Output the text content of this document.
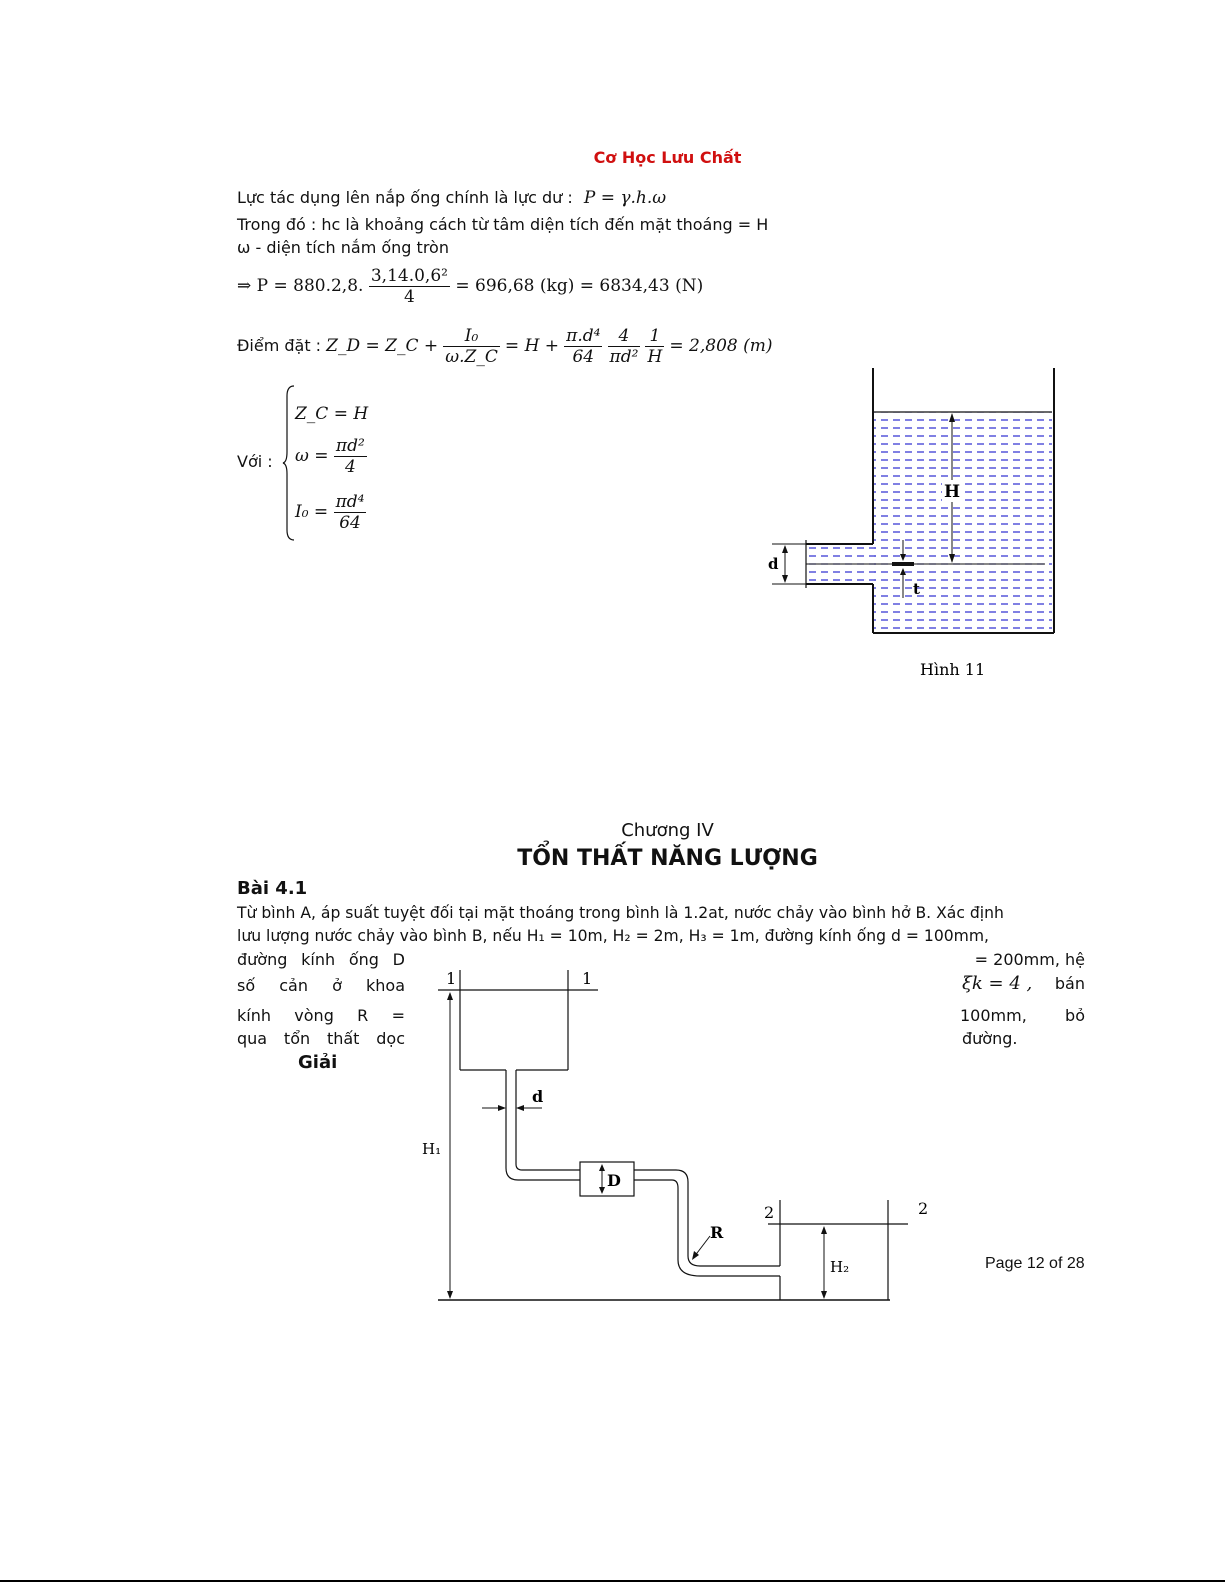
Cơ Học Lưu Chất
Lực tác dụng lên nắp ống chính là lực dư : P = γ.h.ω
Trong đó : hc là khoảng cách từ tâm diện tích đến mặt thoáng = H
ω - diện tích nắm ống tròn
⇒ P = 880.2,8. $\frac{\text{3,14.0,6²}}{4} = 696,68$ (kg) = 6834,43 (N)
Điểm đặt : Z_D = Z_C + $\frac{\text{I₀}}{\omega.Z\_C} = H + \frac{\text{π.d⁴}}{64}$
$\frac{4}{\text{πd²}}$
$\frac{1}{H} = 2,808$ (m)
Với :
Z_C = H
$\omega = \frac{\text{πd²}}{4}$
$I_0 = \frac{\text{πd⁴}}{64}$
d
H
t
Hình 11
Chương IV
TỔN THẤT NĂNG LƯỢNG
Bài 4.1
Từ bình A, áp suất tuyệt đối tại mặt thoáng trong bình là 1.2at, nước chảy vào bình hở B. Xác định
lưu lượng nước chảy vào bình B, nếu H₁ = 10m, H₂ = 2m, H₃ = 1m, đường kính ống d = 100mm,
đường kính ống D
số cản ở khoa
kính vòng R =
qua tổn thất dọc
Giải
= 200mm, hệ
ξk = 4 , bán
100mm, bỏ
đường.
1	1
d
D
R
2	2
H₂
H₁
Page 12 of 28
